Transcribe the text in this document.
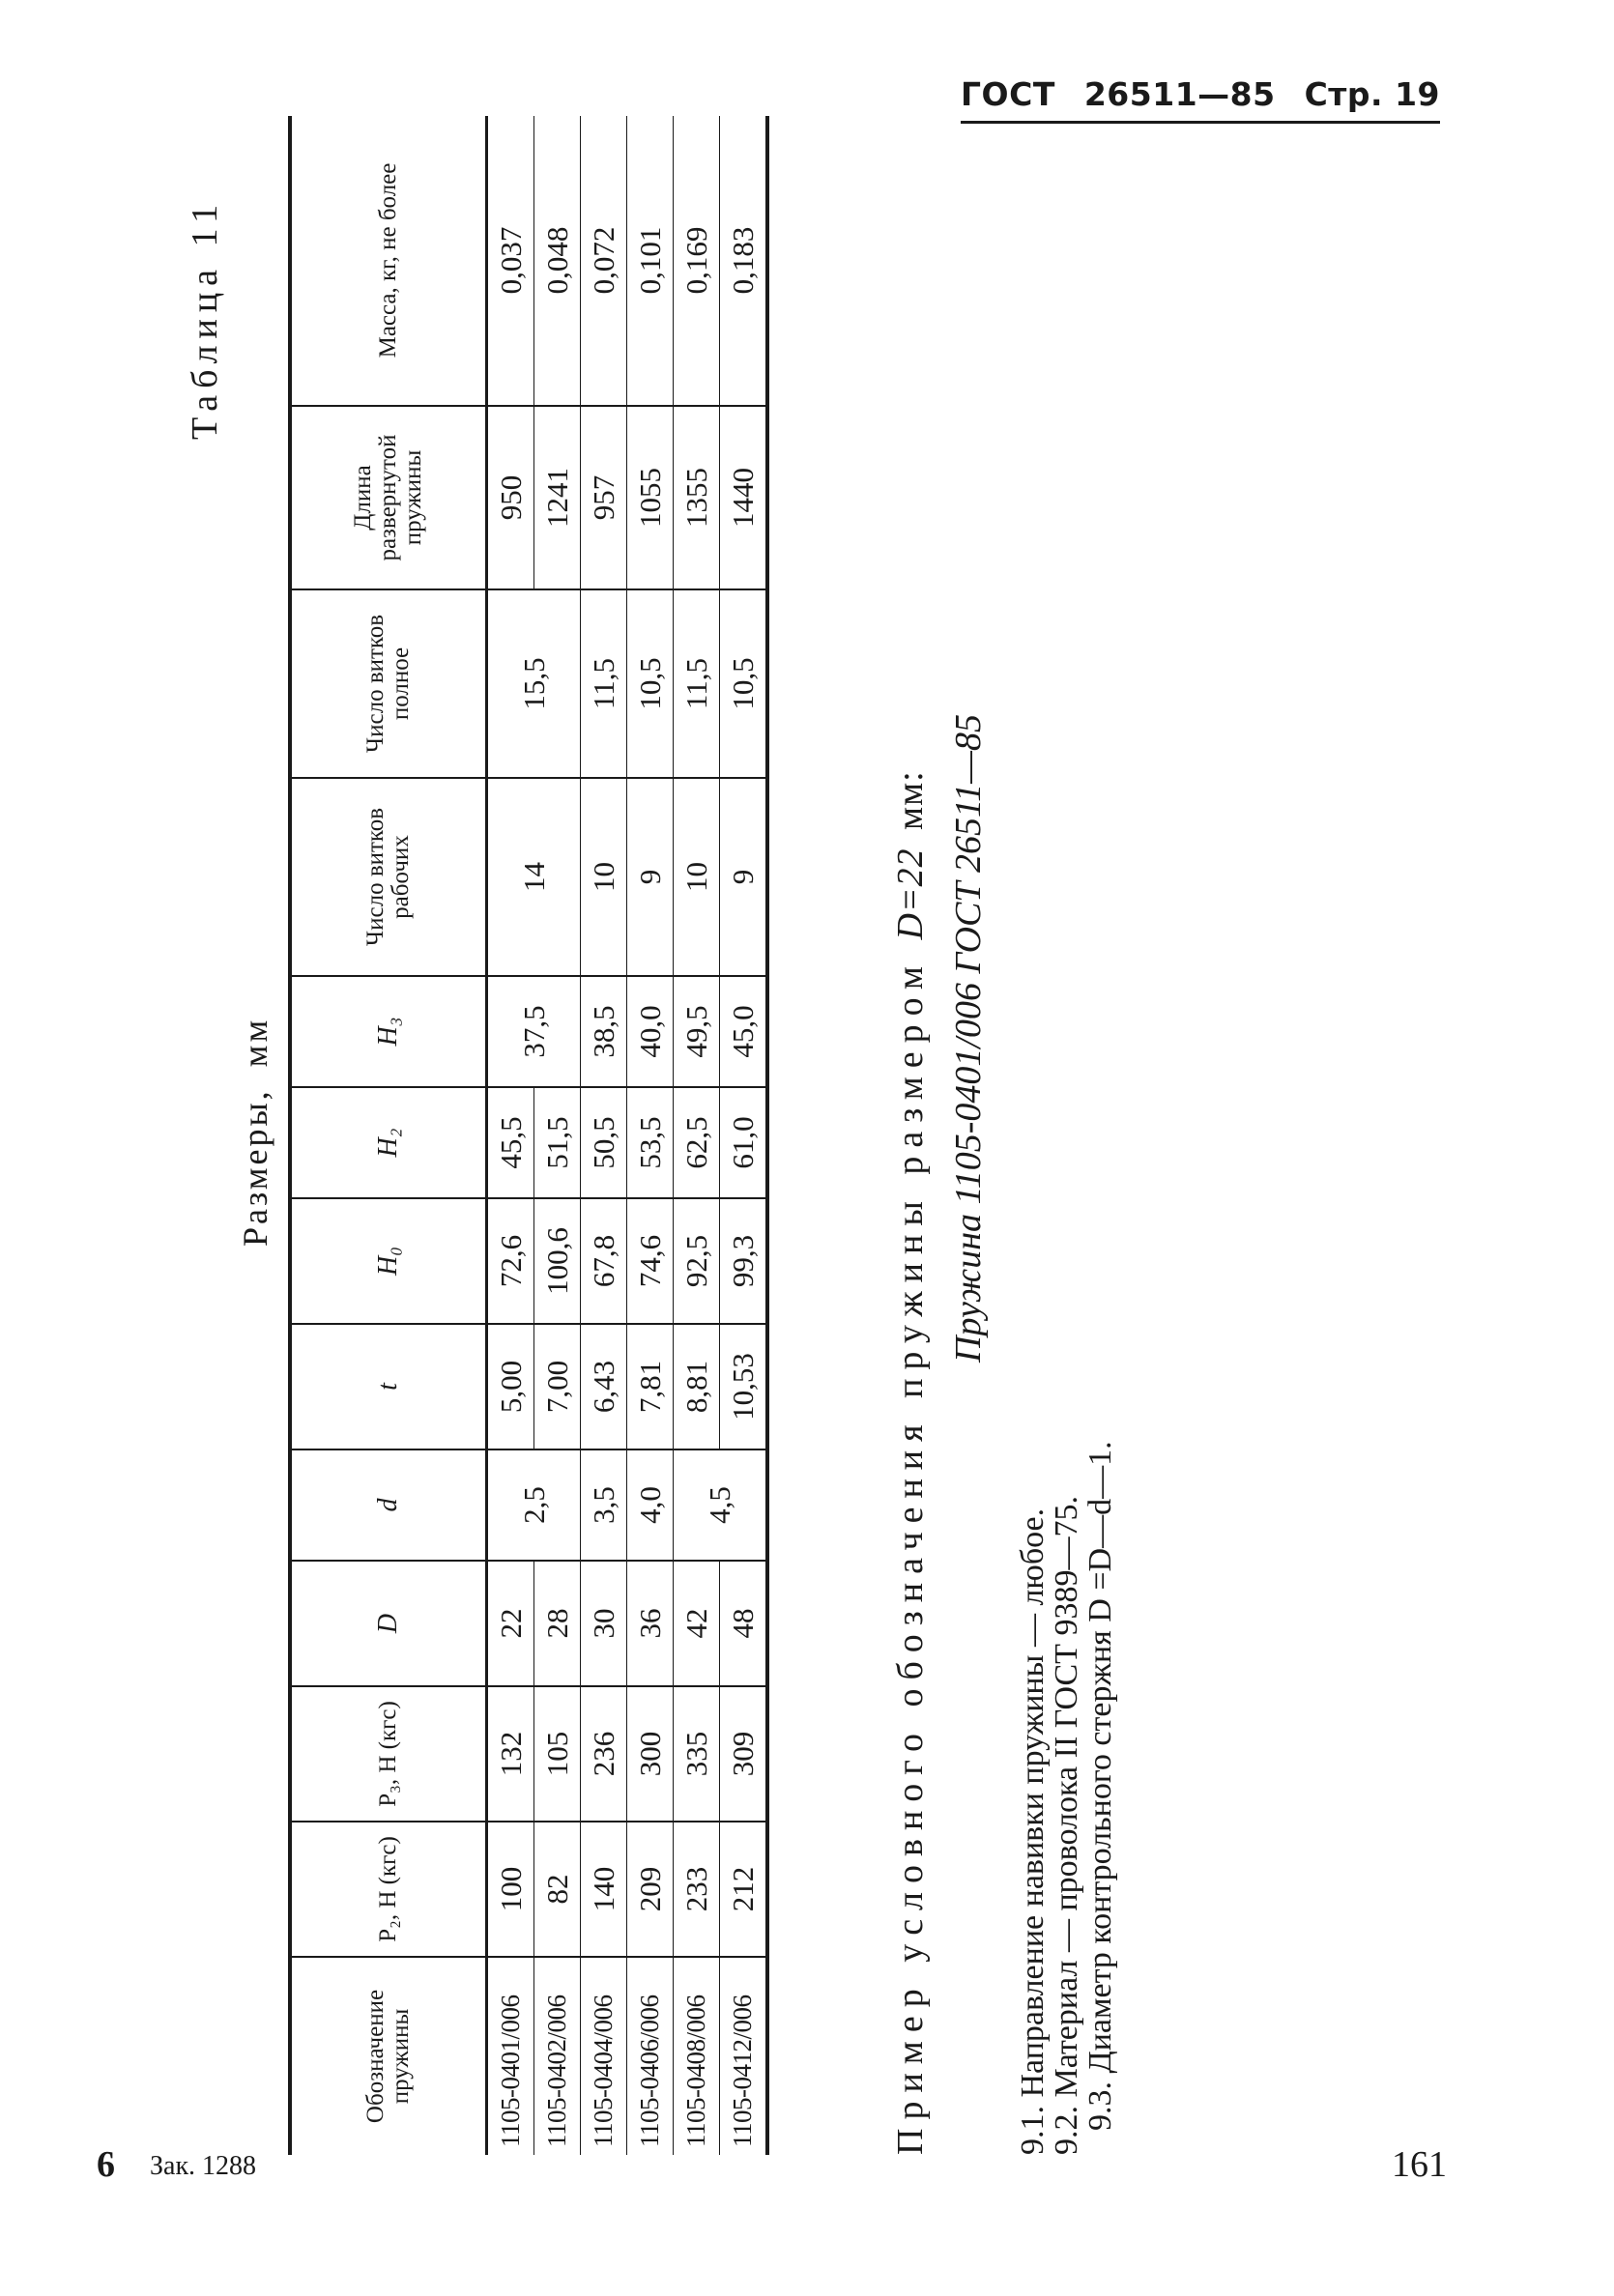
ГОСТ 26511—85 Стр. 19
Таблица 11
Размеры,мм
Обозначение пружины	P₂, Н (кгс)	P₃, Н (кгс)	D	d	t	H₀	H₂	H₃	Число витков рабочих	Число витков полное	Длина развернутой пружины	Масса, кг, не более
1105-0401/006	100	132	22	2,5	5,00	72,6	45,5	37,5	14	15,5	950	0,037
1105-0402/006	82	105	28		7,00	100,6	51,5				1241	0,048
1105-0404/006	140	236	30	3,5	6,43	67,8	50,5	38,5	10	11,5	957	0,072
1105-0406/006	209	300	36	4,0	7,81	74,6	53,5	40,0	9	10,5	1055	0,101
1105-0408/006	233	335	42	4,5	8,81	92,5	62,5	49,5	10	11,5	1355	0,169
1105-0412/006	212	309	48		10,53	99,3	61,0	45,0	9	10,5	1440	0,183
Пример условного обозначения пружины размером D=22 мм: Пружина 1105-0401/006 ГОСТ 26511—85
9.1. Направление навивки пружины — любое.
9.2. Материал — проволока II ГОСТ 9389—75.
9.3. Диаметр контрольного стержня D =D—d—1.
6 Зак. 1288	161
